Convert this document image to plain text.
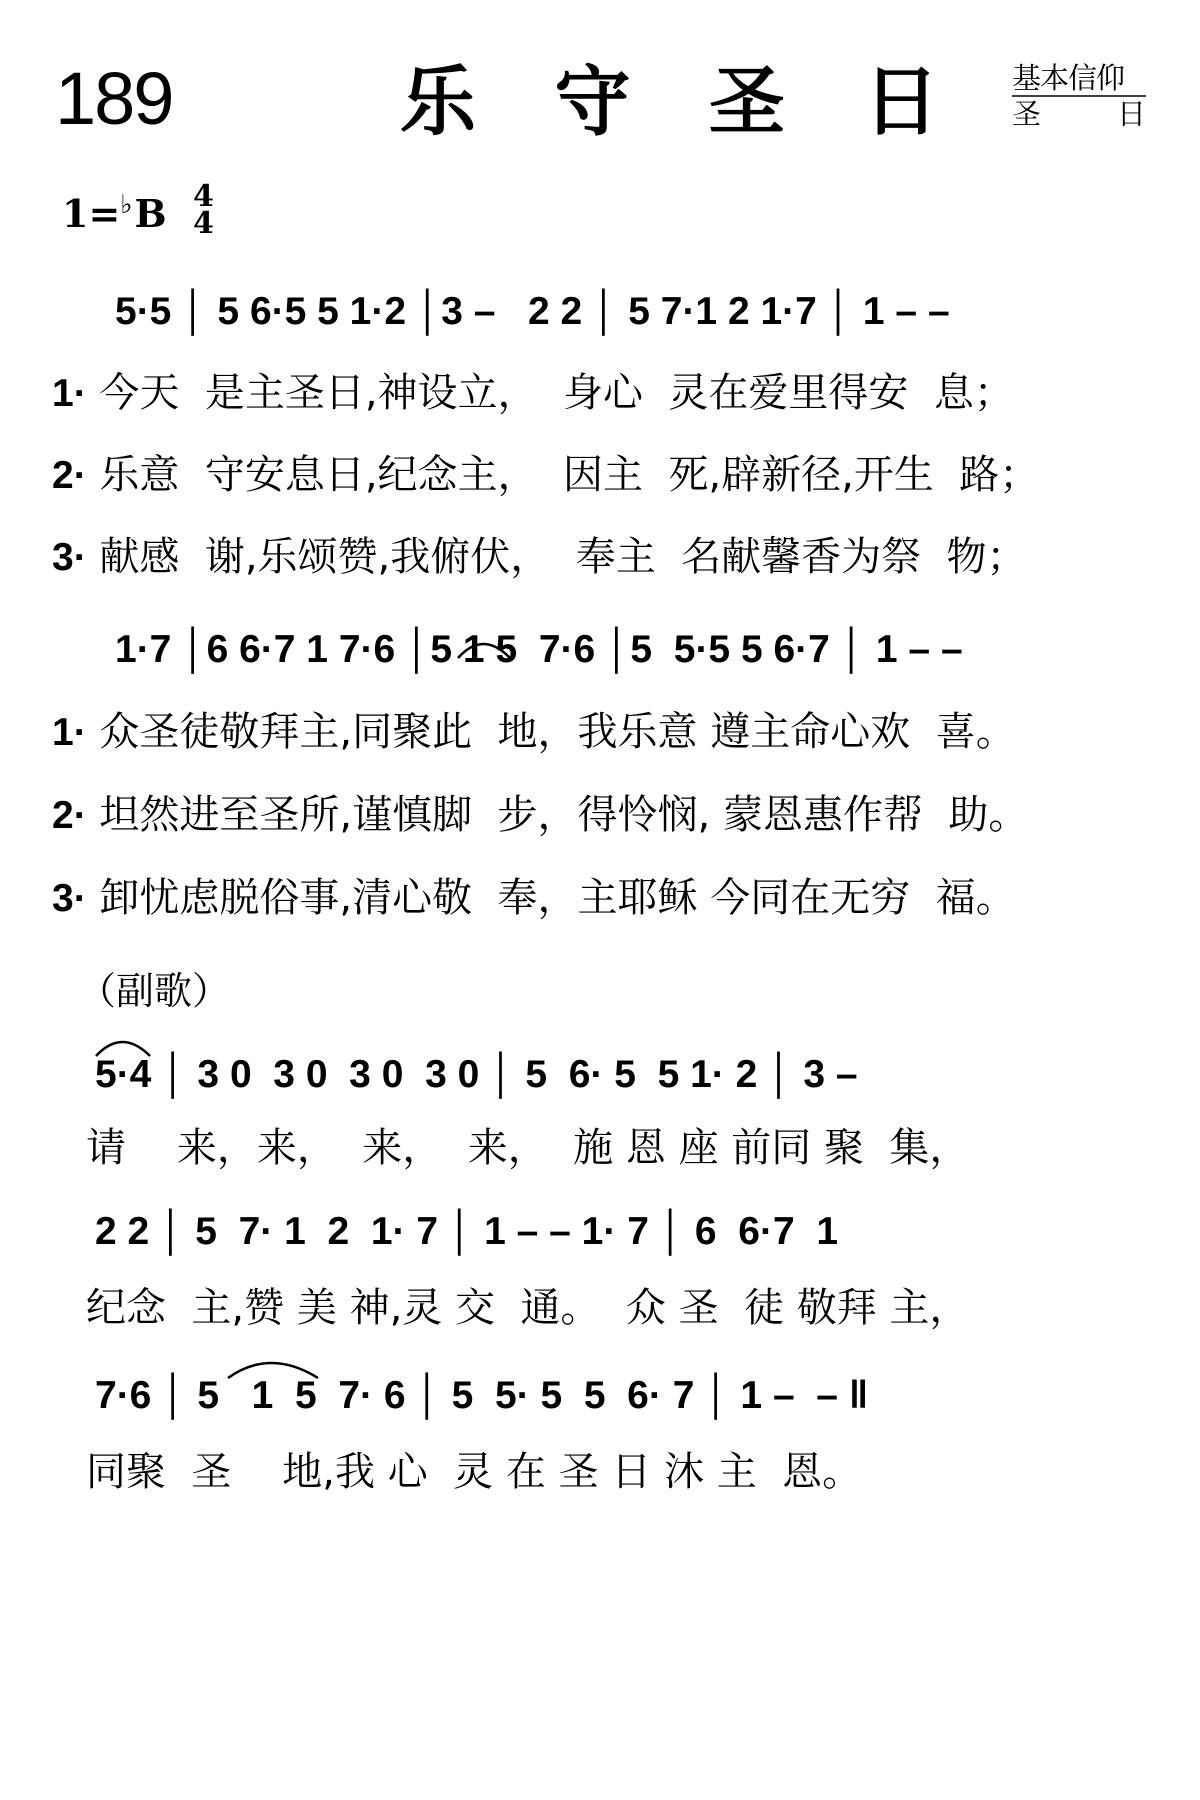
189	乐 守 圣 日 基本信仰
圣	日
1=♭B 4
4
5·5 │ 5 6·5 5 1·2 │3 –   2 2 │ 5 7·1 2 1·7 │ 1 – –
1· 今天  是主圣日,神设立，  身心  灵在爱里得安  息；
2· 乐意  守安息日,纪念主，  因主  死,辟新径,开生  路；
3· 献感  谢,乐颂赞,我俯伏，  奉主  名献馨香为祭  物；
1·7 │6 6·7 1 7·6 │5 1 5  7·6 │5  5·5 5 6·7 │ 1 – –
1· 众圣徒敬拜主,同聚此  地，我乐意 遵主命心欢  喜。
2· 坦然进至圣所,谨慎脚  步，得怜悯, 蒙恩惠作帮  助。
3· 卸忧虑脱俗事,清心敬  奉，主耶稣 今同在无穷  福。
（副歌）
5·4 │ 3 0  3 0  3 0  3 0 │ 5  6· 5  5 1· 2 │ 3 –
请    来，来，  来，  来，  施 恩 座 前同 聚  集，
2 2 │ 5  7· 1  2  1· 7 │ 1 – – 1· 7 │ 6  6·7  1
纪念  主,赞 美 神,灵 交  通。  众 圣  徒 敬拜 主，
7·6 │ 5   1  5  7· 6 │ 5  5· 5  5  6· 7 │ 1 –  – ‖
同聚  圣    地,我 心  灵 在 圣 日 沐 主  恩。
